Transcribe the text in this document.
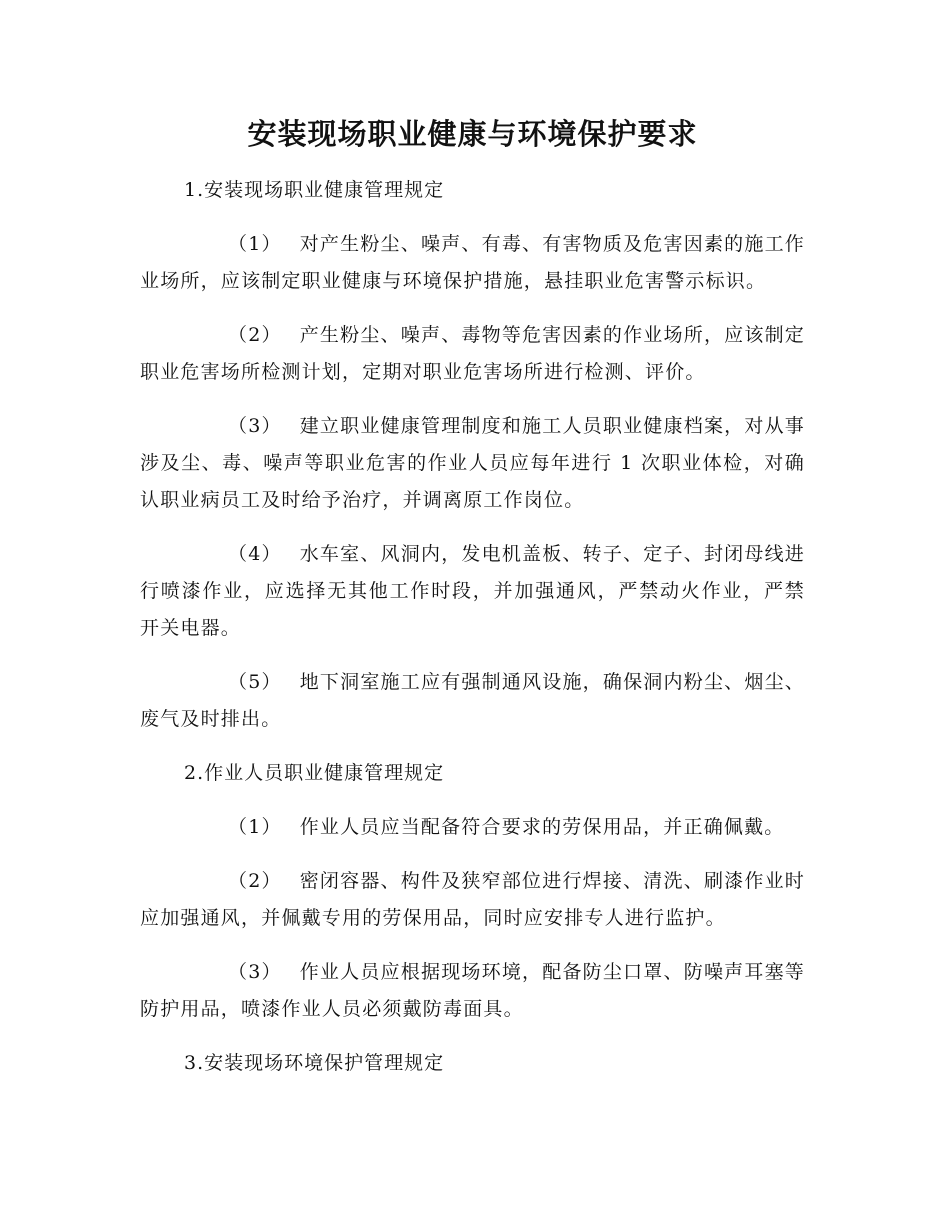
安装现场职业健康与环境保护要求

1.安装现场职业健康管理规定

（1） 对产生粉尘、噪声、有毒、有害物质及危害因素的施工作业场所，应该制定职业健康与环境保护措施，悬挂职业危害警示标识。

（2） 产生粉尘、噪声、毒物等危害因素的作业场所，应该制定职业危害场所检测计划，定期对职业危害场所进行检测、评价。

（3） 建立职业健康管理制度和施工人员职业健康档案，对从事涉及尘、毒、噪声等职业危害的作业人员应每年进行 1 次职业体检，对确认职业病员工及时给予治疗，并调离原工作岗位。

（4） 水车室、风洞内，发电机盖板、转子、定子、封闭母线进行喷漆作业，应选择无其他工作时段，并加强通风，严禁动火作业，严禁开关电器。

（5） 地下洞室施工应有强制通风设施，确保洞内粉尘、烟尘、废气及时排出。

2.作业人员职业健康管理规定

（1） 作业人员应当配备符合要求的劳保用品，并正确佩戴。

（2） 密闭容器、构件及狭窄部位进行焊接、清洗、刷漆作业时应加强通风，并佩戴专用的劳保用品，同时应安排专人进行监护。

（3） 作业人员应根据现场环境，配备防尘口罩、防噪声耳塞等防护用品，喷漆作业人员必须戴防毒面具。

3.安装现场环境保护管理规定
